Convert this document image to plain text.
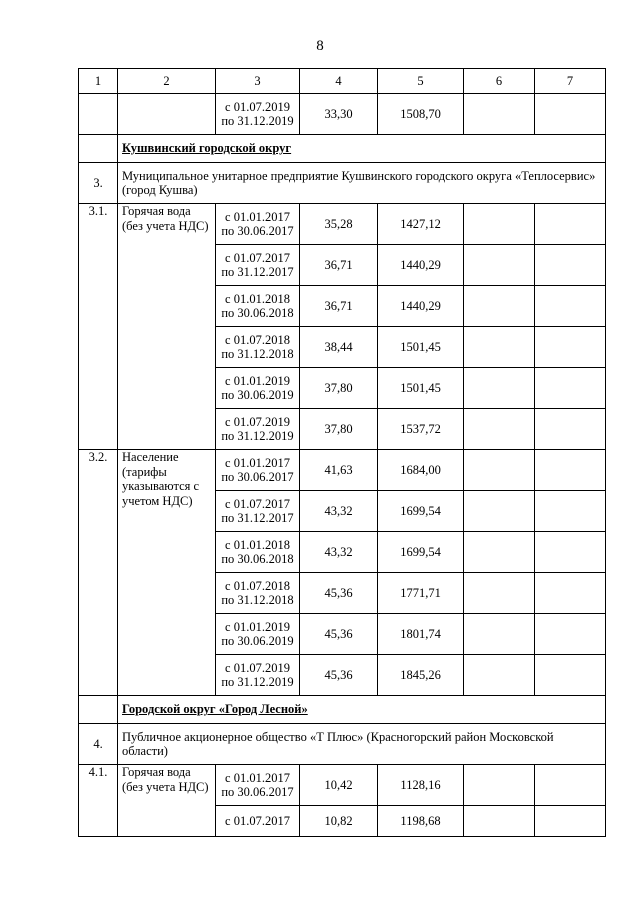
8
1	2	3	4	5	6	7
		с 01.07.2019
по 31.12.2019	33,30	1508,70		
	Кушвинский городской округ					
3.	Муниципальное унитарное предприятие Кушвинского городского округа «Теплосервис» (город Кушва)					
3.1.	Горячая вода (без учета НДС)	с 01.01.2017
по 30.06.2017	35,28	1427,12		
		с 01.07.2017
по 31.12.2017	36,71	1440,29		
		с 01.01.2018
по 30.06.2018	36,71	1440,29		
		с 01.07.2018
по 31.12.2018	38,44	1501,45		
		с 01.01.2019
по 30.06.2019	37,80	1501,45		
		с 01.07.2019
по 31.12.2019	37,80	1537,72		
3.2.	Население (тарифы указываются с учетом НДС)	с 01.01.2017
по 30.06.2017	41,63	1684,00		
		с 01.07.2017
по 31.12.2017	43,32	1699,54		
		с 01.01.2018
по 30.06.2018	43,32	1699,54		
		с 01.07.2018
по 31.12.2018	45,36	1771,71		
		с 01.01.2019
по 30.06.2019	45,36	1801,74		
		с 01.07.2019
по 31.12.2019	45,36	1845,26		
	Городской округ «Город Лесной»					
4.	Публичное акционерное общество «Т Плюс» (Красногорский район Московской области)					
4.1.	Горячая вода (без учета НДС)	с 01.01.2017
по 30.06.2017	10,42	1128,16		
		с 01.07.2017	10,82	1198,68		
